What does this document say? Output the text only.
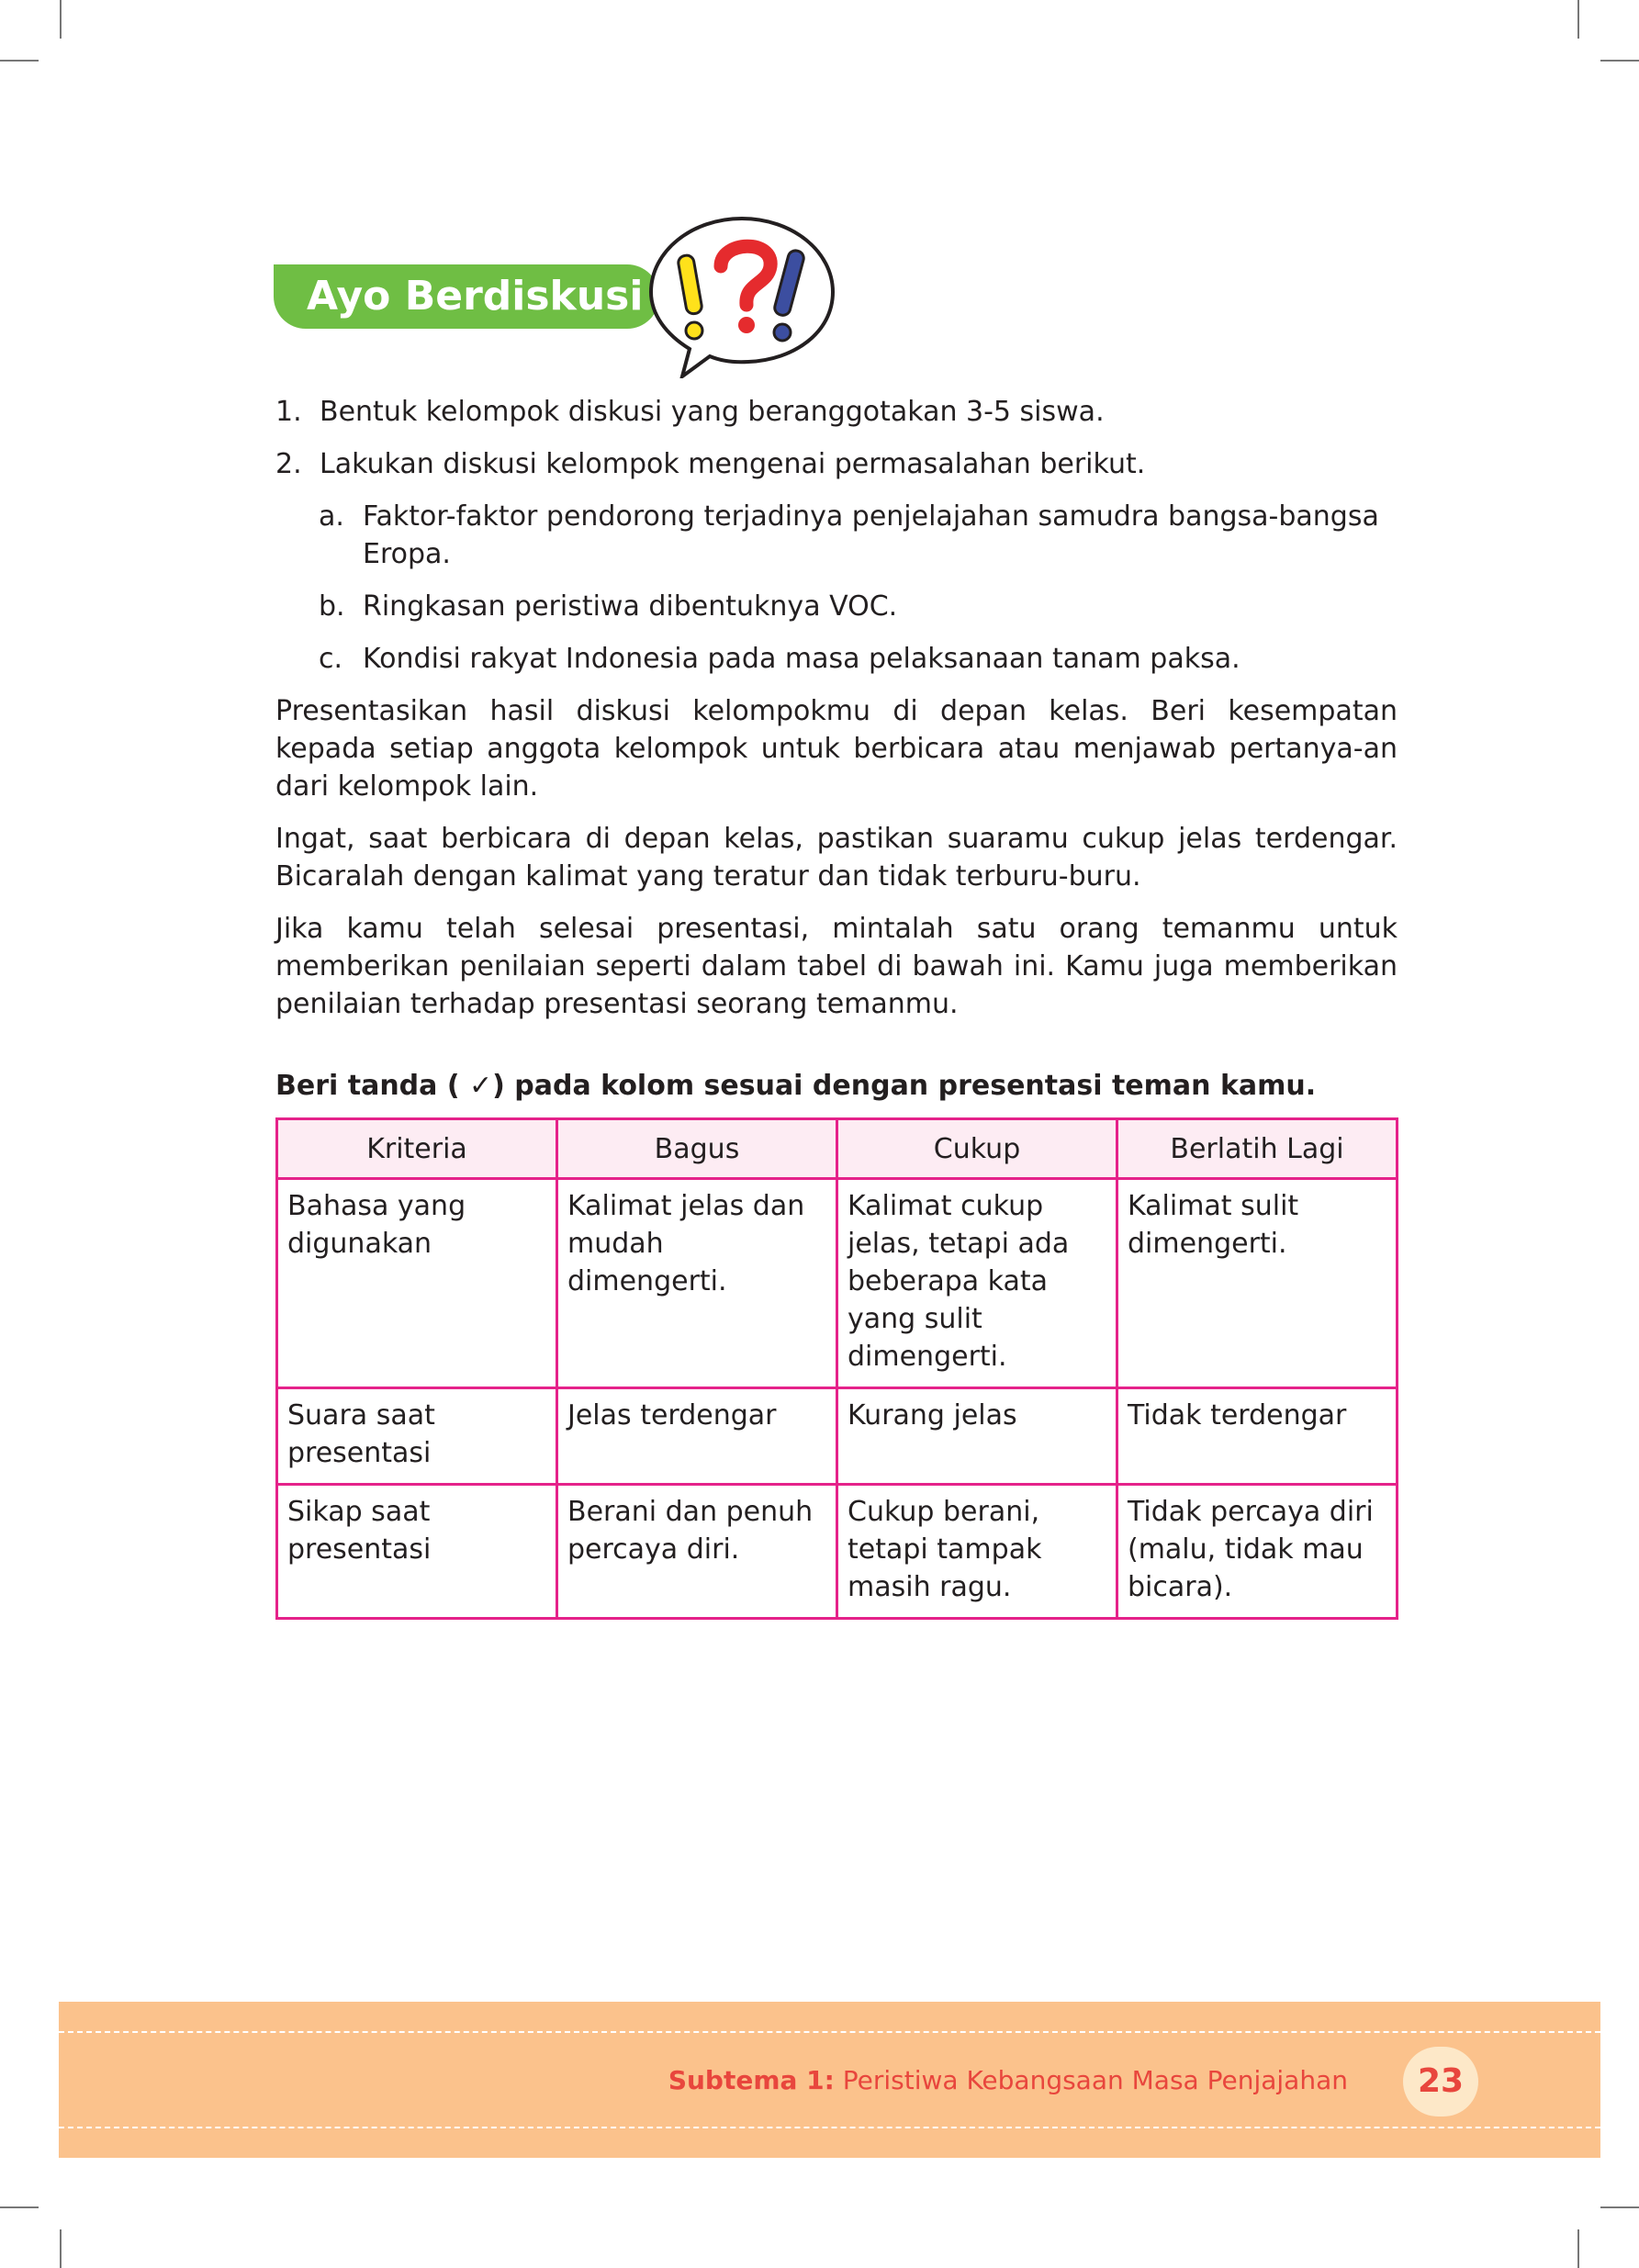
Ayo Berdiskusi
1. Bentuk kelompok diskusi yang beranggotakan 3-5 siswa.
2. Lakukan diskusi kelompok mengenai permasalahan berikut.
a. Faktor-faktor pendorong terjadinya penjelajahan samudra bangsa-bangsa Eropa.
b. Ringkasan peristiwa dibentuknya VOC.
c. Kondisi rakyat Indonesia pada masa pelaksanaan tanam paksa.

Presentasikan hasil diskusi kelompokmu di depan kelas. Beri kesempatan kepada setiap anggota kelompok untuk berbicara atau menjawab pertanya-an dari kelompok lain.

Ingat, saat berbicara di depan kelas, pastikan suaramu cukup jelas terdengar. Bicaralah dengan kalimat yang teratur dan tidak terburu-buru.

Jika kamu telah selesai presentasi, mintalah satu orang temanmu untuk memberikan penilaian seperti dalam tabel di bawah ini. Kamu juga memberikan penilaian terhadap presentasi seorang temanmu.

Beri tanda ( ✓) pada kolom sesuai dengan presentasi teman kamu.
Kriteria	Bagus	Cukup	Berlatih Lagi
Bahasa yang digunakan	Kalimat jelas dan mudah dimengerti.	Kalimat cukup jelas, tetapi ada beberapa kata yang sulit dimengerti.	Kalimat sulit dimengerti.
Suara saat presentasi	Jelas terdengar	Kurang jelas	Tidak terdengar
Sikap saat presentasi	Berani dan penuh percaya diri.	Cukup berani, tetapi tampak masih ragu.	Tidak percaya diri (malu, tidak mau bicara).
Subtema 1: Peristiwa Kebangsaan Masa Penjajahan	23
